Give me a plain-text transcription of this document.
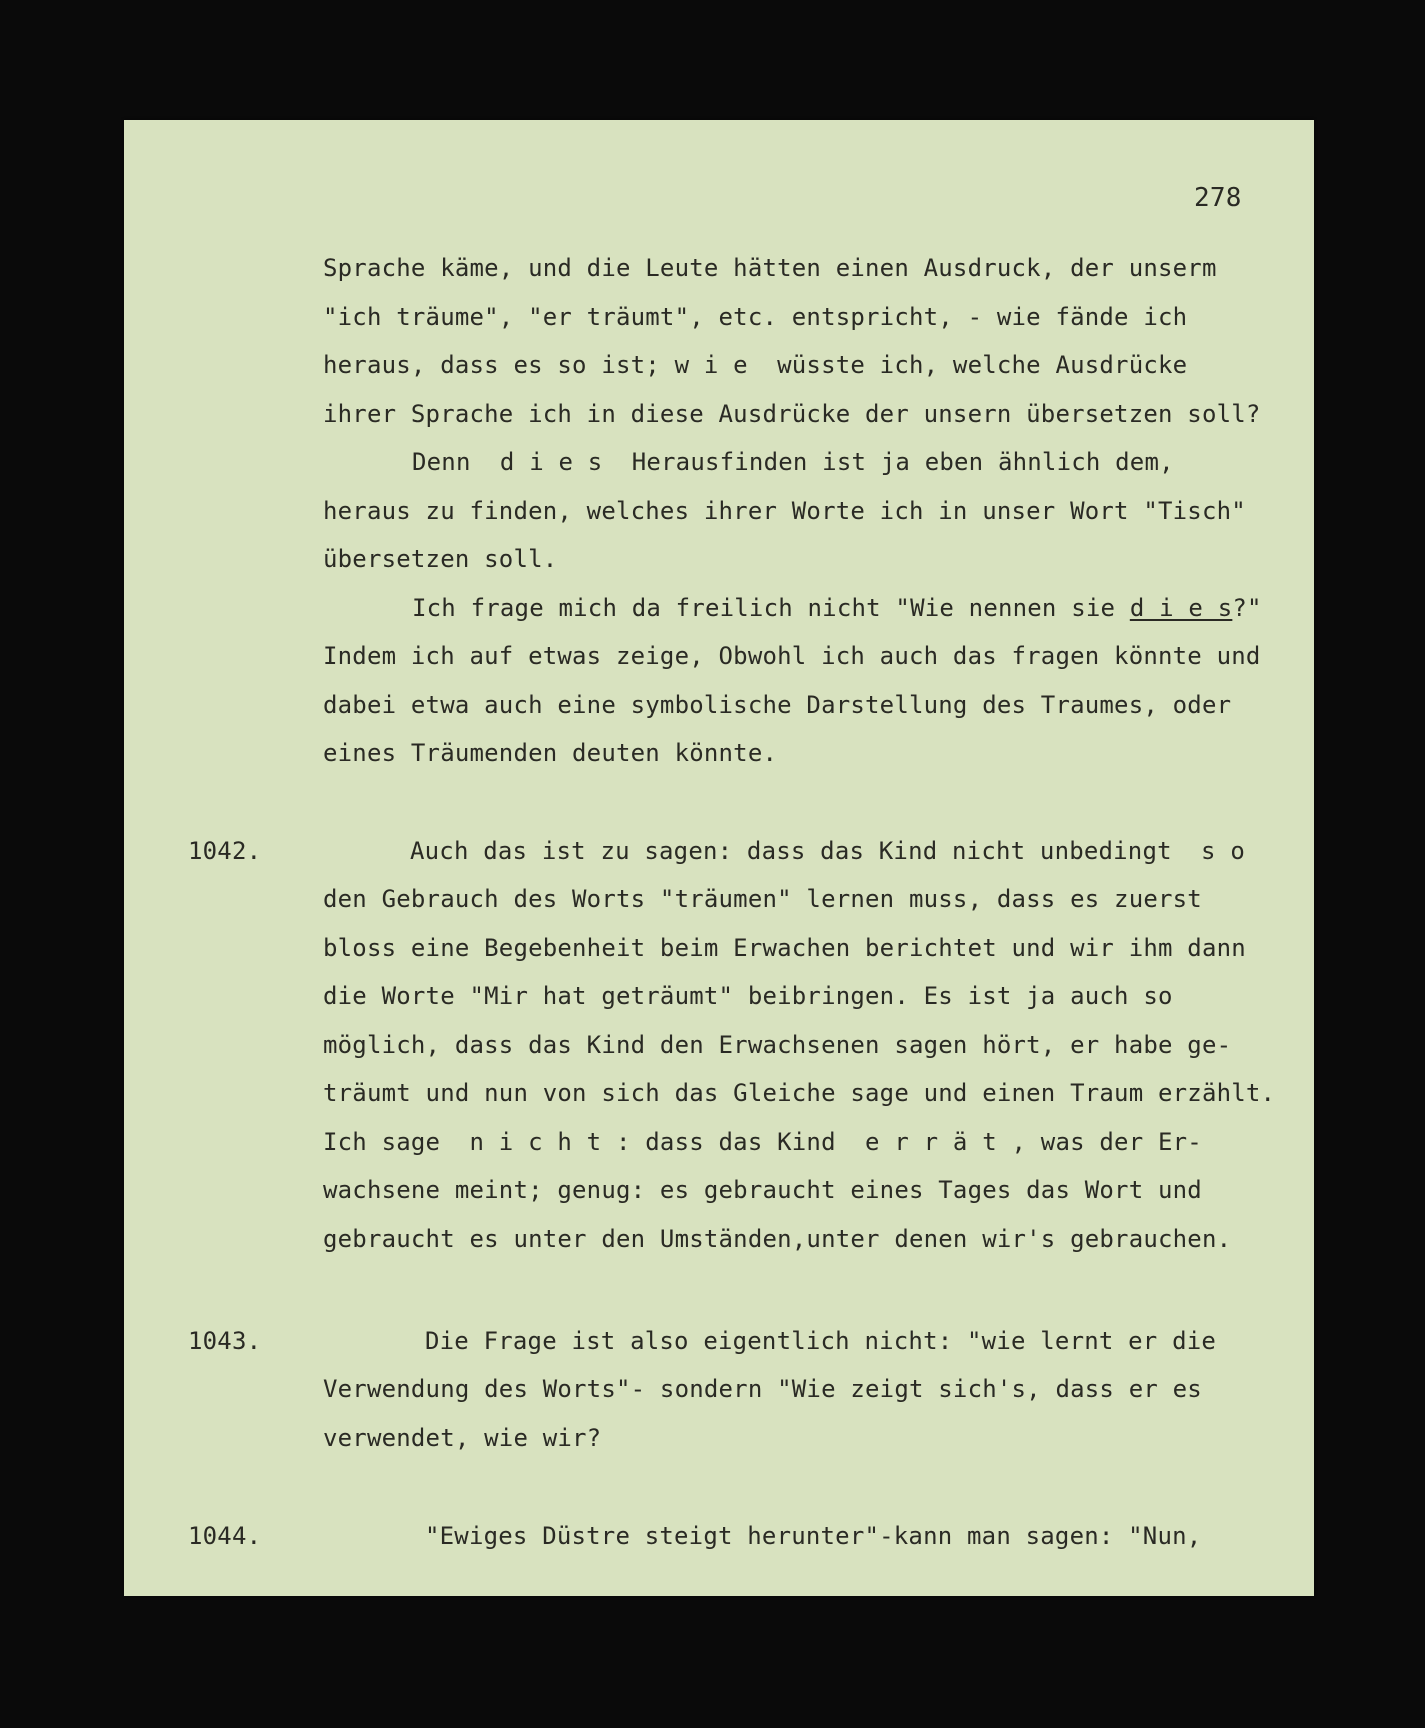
278
Sprache käme, und die Leute hätten einen Ausdruck, der unserm
"ich träume", "er träumt", etc. entspricht, - wie fände ich
heraus, dass es so ist; w i e  wüsste ich, welche Ausdrücke
ihrer Sprache ich in diese Ausdrücke der unsern übersetzen soll?
Denn  d i e s  Herausfinden ist ja eben ähnlich dem,
heraus zu finden, welches ihrer Worte ich in unser Wort "Tisch"
übersetzen soll.
Ich frage mich da freilich nicht "Wie nennen sie d i e s?"
Indem ich auf etwas zeige, Obwohl ich auch das fragen könnte und
dabei etwa auch eine symbolische Darstellung des Traumes, oder
eines Träumenden deuten könnte.
1042.	Auch das ist zu sagen: dass das Kind nicht unbedingt  s o
den Gebrauch des Worts "träumen" lernen muss, dass es zuerst
bloss eine Begebenheit beim Erwachen berichtet und wir ihm dann
die Worte "Mir hat geträumt" beibringen. Es ist ja auch so
möglich, dass das Kind den Erwachsenen sagen hört, er habe ge-
träumt und nun von sich das Gleiche sage und einen Traum erzählt.
Ich sage  n i c h t : dass das Kind  e r r ä t , was der Er-
wachsene meint; genug: es gebraucht eines Tages das Wort und
gebraucht es unter den Umständen,unter denen wir's gebrauchen.
1043.	Die Frage ist also eigentlich nicht: "wie lernt er die
Verwendung des Worts"- sondern "Wie zeigt sich's, dass er es
verwendet, wie wir?
1044.	"Ewiges Düstre steigt herunter"-kann man sagen: "Nun,
